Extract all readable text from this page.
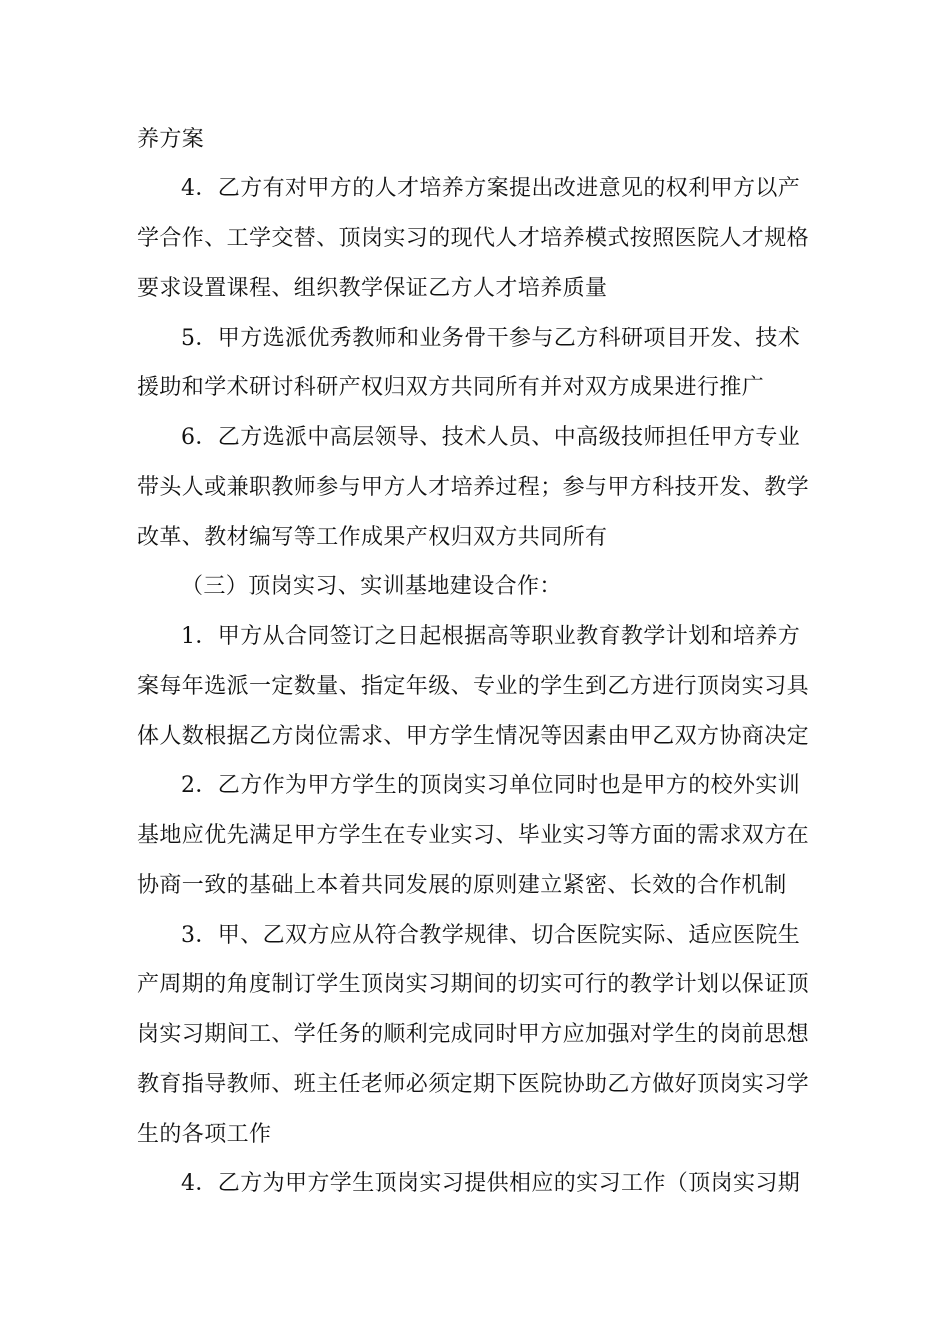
养方案
4．乙方有对甲方的人才培养方案提出改进意见的权利甲方以产
学合作、工学交替、顶岗实习的现代人才培养模式按照医院人才规格
要求设置课程、组织教学保证乙方人才培养质量
5．甲方选派优秀教师和业务骨干参与乙方科研项目开发、技术
援助和学术研讨科研产权归双方共同所有并对双方成果进行推广
6．乙方选派中高层领导、技术人员、中高级技师担任甲方专业
带头人或兼职教师参与甲方人才培养过程；参与甲方科技开发、教学
改革、教材编写等工作成果产权归双方共同所有
（三）顶岗实习、实训基地建设合作：
1．甲方从合同签订之日起根据高等职业教育教学计划和培养方
案每年选派一定数量、指定年级、专业的学生到乙方进行顶岗实习具
体人数根据乙方岗位需求、甲方学生情况等因素由甲乙双方协商决定
2．乙方作为甲方学生的顶岗实习单位同时也是甲方的校外实训
基地应优先满足甲方学生在专业实习、毕业实习等方面的需求双方在
协商一致的基础上本着共同发展的原则建立紧密、长效的合作机制
3．甲、乙双方应从符合教学规律、切合医院实际、适应医院生
产周期的角度制订学生顶岗实习期间的切实可行的教学计划以保证顶
岗实习期间工、学任务的顺利完成同时甲方应加强对学生的岗前思想
教育指导教师、班主任老师必须定期下医院协助乙方做好顶岗实习学
生的各项工作
4．乙方为甲方学生顶岗实习提供相应的实习工作（顶岗实习期
